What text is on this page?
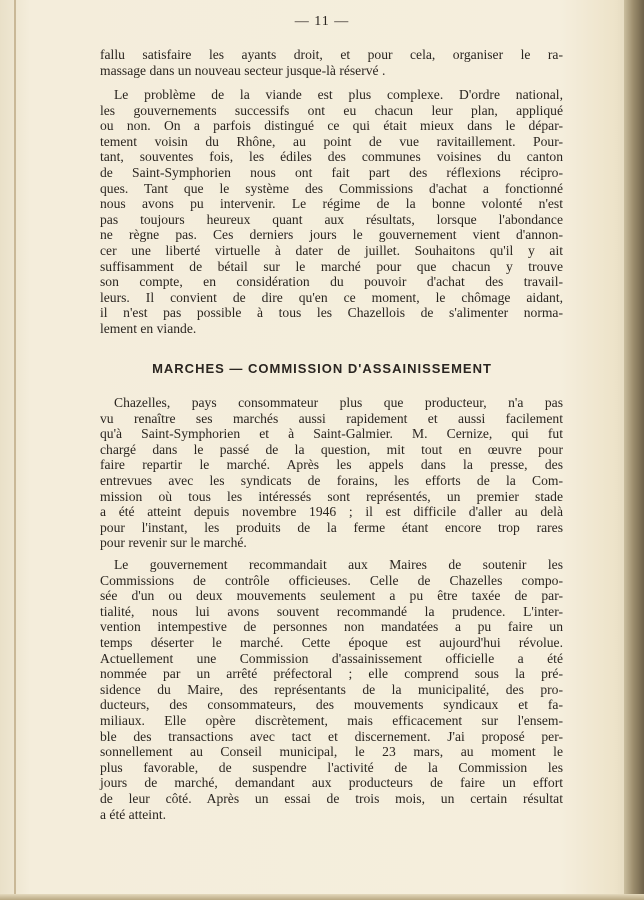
— 11 —
fallu satisfaire les ayants droit, et pour cela, organiser le ra-
massage dans un nouveau secteur jusque-là réservé .
Le problème de la viande est plus complexe. D'ordre national,
les gouvernements successifs ont eu chacun leur plan, appliqué
ou non. On a parfois distingué ce qui était mieux dans le dépar-
tement voisin du Rhône, au point de vue ravitaillement. Pour-
tant, souventes fois, les édiles des communes voisines du canton
de Saint-Symphorien nous ont fait part des réflexions récipro-
ques. Tant que le système des Commissions d'achat a fonctionné
nous avons pu intervenir. Le régime de la bonne volonté n'est
pas toujours heureux quant aux résultats, lorsque l'abondance
ne règne pas. Ces derniers jours le gouvernement vient d'annon-
cer une liberté virtuelle à dater de juillet. Souhaitons qu'il y ait
suffisamment de bétail sur le marché pour que chacun y trouve
son compte, en considération du pouvoir d'achat des travail-
leurs. Il convient de dire qu'en ce moment, le chômage aidant,
il n'est pas possible à tous les Chazellois de s'alimenter norma-
lement en viande.
MARCHES — COMMISSION D'ASSAINISSEMENT
Chazelles, pays consommateur plus que producteur, n'a pas
vu renaître ses marchés aussi rapidement et aussi facilement
qu'à Saint-Symphorien et à Saint-Galmier. M. Cernize, qui fut
chargé dans le passé de la question, mit tout en œuvre pour
faire repartir le marché. Après les appels dans la presse, des
entrevues avec les syndicats de forains, les efforts de la Com-
mission où tous les intéressés sont représentés, un premier stade
a été atteint depuis novembre 1946 ; il est difficile d'aller au delà
pour l'instant, les produits de la ferme étant encore trop rares
pour revenir sur le marché.
Le gouvernement recommandait aux Maires de soutenir les
Commissions de contrôle officieuses. Celle de Chazelles compo-
sée d'un ou deux mouvements seulement a pu être taxée de par-
tialité, nous lui avons souvent recommandé la prudence. L'inter-
vention intempestive de personnes non mandatées a pu faire un
temps déserter le marché. Cette époque est aujourd'hui révolue.
Actuellement une Commission d'assainissement officielle a été
nommée par un arrêté préfectoral ; elle comprend sous la pré-
sidence du Maire, des représentants de la municipalité, des pro-
ducteurs, des consommateurs, des mouvements syndicaux et fa-
miliaux. Elle opère discrètement, mais efficacement sur l'ensem-
ble des transactions avec tact et discernement. J'ai proposé per-
sonnellement au Conseil municipal, le 23 mars, au moment le
plus favorable, de suspendre l'activité de la Commission les
jours de marché, demandant aux producteurs de faire un effort
de leur côté. Après un essai de trois mois, un certain résultat
a été atteint.
